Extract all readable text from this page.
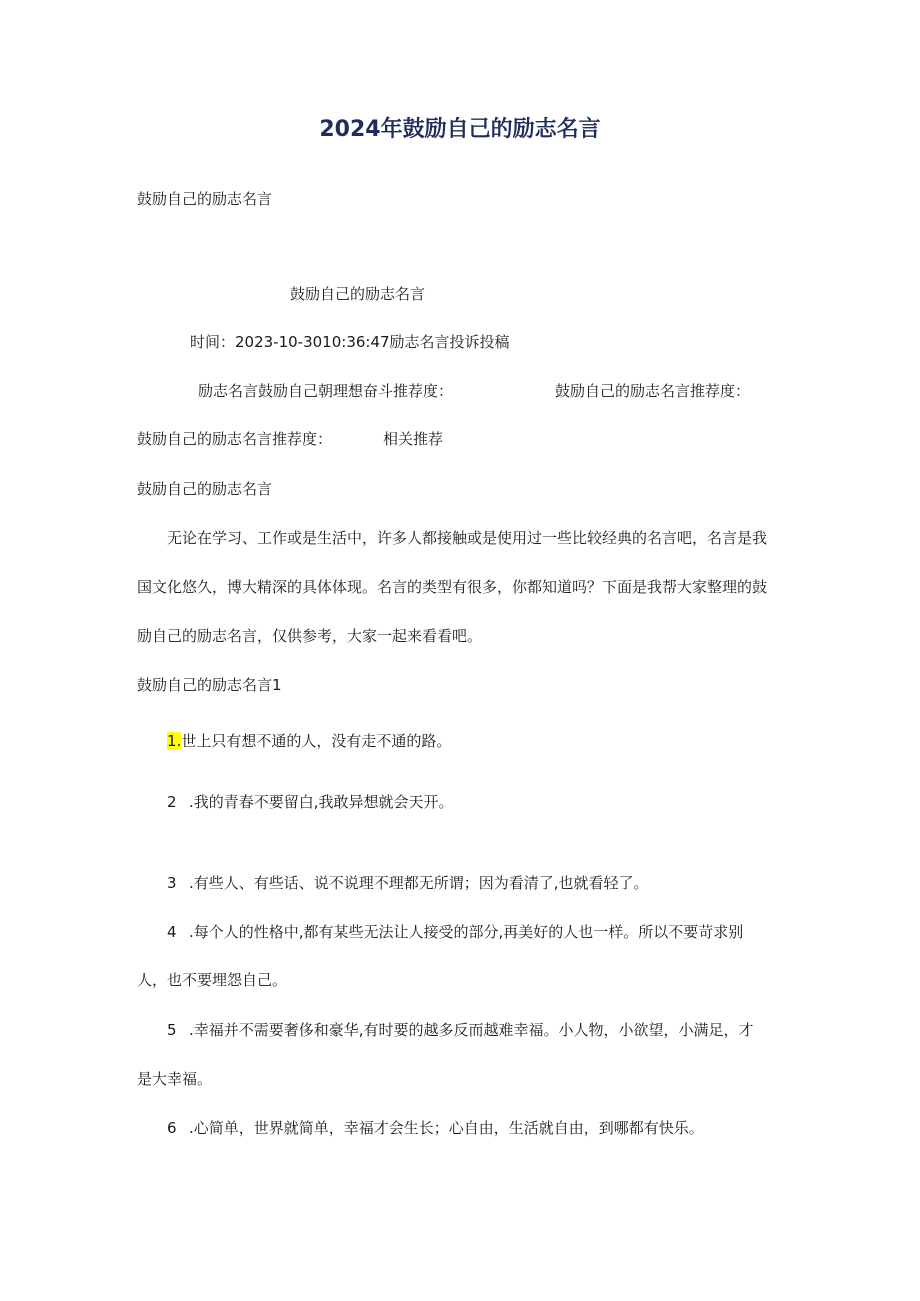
2024年鼓励自己的励志名言

鼓励自己的励志名言

鼓励自己的励志名言

时间：2023-10-3010:36:47励志名言投诉投稿

励志名言鼓励自己朝理想奋斗推荐度：	鼓励自己的励志名言推荐度：

鼓励自己的励志名言推荐度：	相关推荐

鼓励自己的励志名言

无论在学习、工作或是生活中，许多人都接触或是使用过一些比较经典的名言吧，名言是我

国文化悠久，博大精深的具体体现。名言的类型有很多，你都知道吗？下面是我帮大家整理的鼓

励自己的励志名言，仅供参考，大家一起来看看吧。

鼓励自己的励志名言1

1.世上只有想不通的人，没有走不通的路。

2 .我的青春不要留白,我敢异想就会天开。

3 .有些人、有些话、说不说理不理都无所谓；因为看清了,也就看轻了。

4 .每个人的性格中,都有某些无法让人接受的部分,再美好的人也一样。所以不要苛求别

人，也不要埋怨自己。

5 .幸福并不需要奢侈和豪华,有时要的越多反而越难幸福。小人物，小欲望，小满足，才

是大幸福。

6 .心简单，世界就简单，幸福才会生长；心自由，生活就自由，到哪都有快乐。
